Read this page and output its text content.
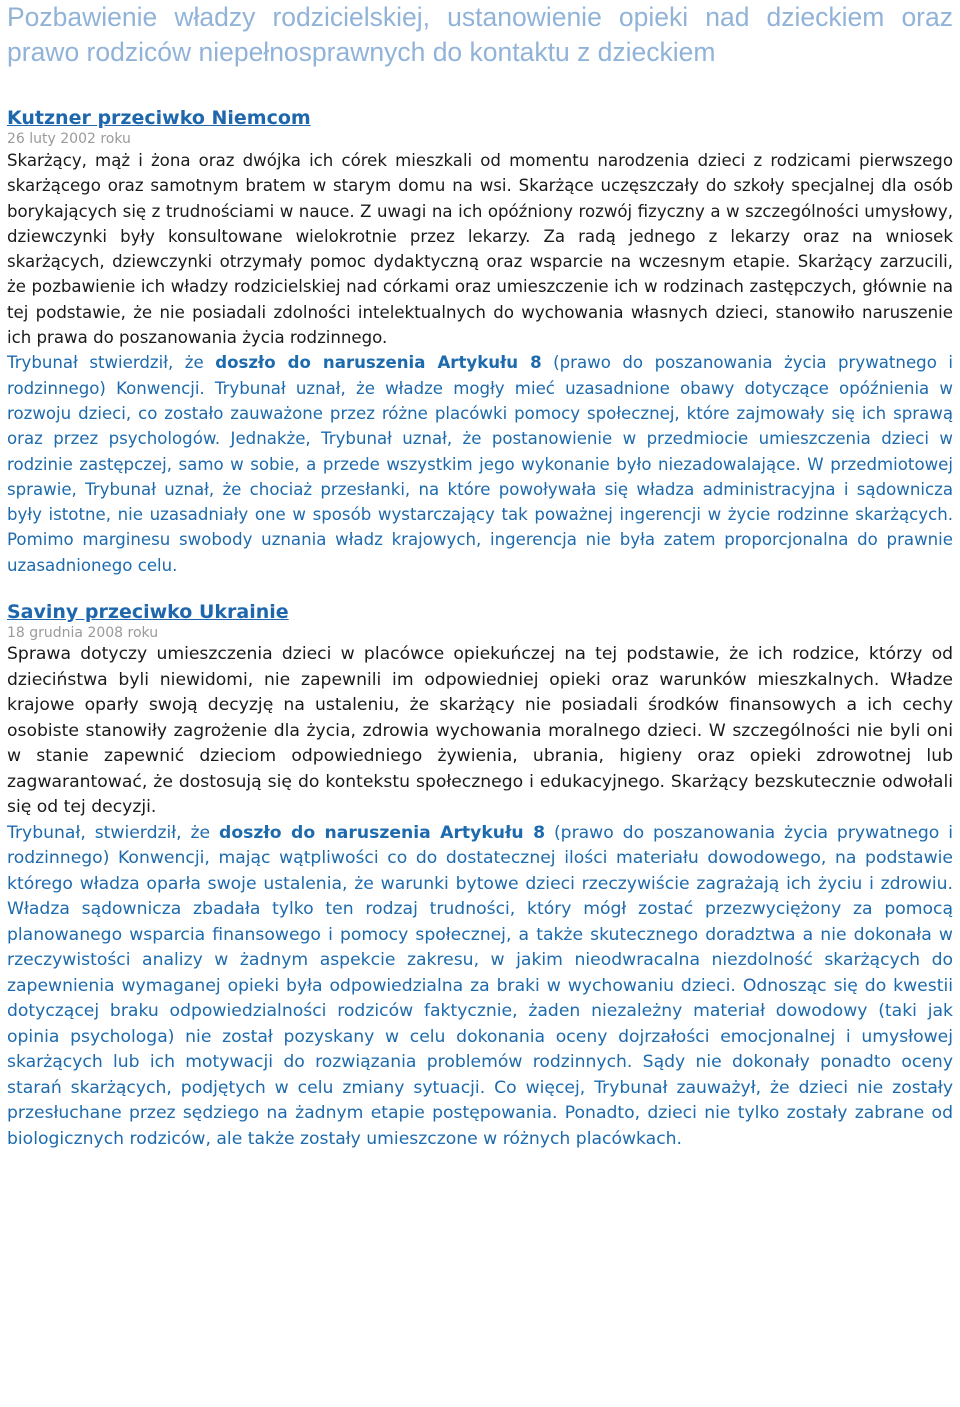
Pozbawienie władzy rodzicielskiej, ustanowienie opieki nad dzieckiem oraz prawo rodziców niepełnosprawnych do kontaktu z dzieckiem
Kutzner przeciwko Niemcom

26 luty 2002 roku

Skarżący, mąż i żona oraz dwójka ich córek mieszkali od momentu narodzenia dzieci z rodzicami pierwszego skarżącego oraz samotnym bratem w starym domu na wsi. Skarżące uczęszczały do szkoły specjalnej dla osób borykających się z trudnościami w nauce. Z uwagi na ich opóźniony rozwój fizyczny a w szczególności umysłowy, dziewczynki były konsultowane wielokrotnie przez lekarzy. Za radą jednego z lekarzy oraz na wniosek skarżących, dziewczynki otrzymały pomoc dydaktyczną oraz wsparcie na wczesnym etapie. Skarżący zarzucili, że pozbawienie ich władzy rodzicielskiej nad córkami oraz umieszczenie ich w rodzinach zastępczych, głównie na tej podstawie, że nie posiadali zdolności intelektualnych do wychowania własnych dzieci, stanowiło naruszenie ich prawa do poszanowania życia rodzinnego.

Trybunał stwierdził, że doszło do naruszenia Artykułu 8 (prawo do poszanowania życia prywatnego i rodzinnego) Konwencji. Trybunał uznał, że władze mogły mieć uzasadnione obawy dotyczące opóźnienia w rozwoju dzieci, co zostało zauważone przez różne placówki pomocy społecznej, które zajmowały się ich sprawą oraz przez psychologów. Jednakże, Trybunał uznał, że postanowienie w przedmiocie umieszczenia dzieci w rodzinie zastępczej, samo w sobie, a przede wszystkim jego wykonanie było niezadowalające. W przedmiotowej sprawie, Trybunał uznał, że chociaż przesłanki, na które powoływała się władza administracyjna i sądownicza były istotne, nie uzasadniały one w sposób wystarczający tak poważnej ingerencji w życie rodzinne skarżących. Pomimo marginesu swobody uznania władz krajowych, ingerencja nie była zatem proporcjonalna do prawnie uzasadnionego celu.

Saviny przeciwko Ukrainie

18 grudnia 2008 roku

Sprawa dotyczy umieszczenia dzieci w placówce opiekuńczej na tej podstawie, że ich rodzice, którzy od dzieciństwa byli niewidomi, nie zapewnili im odpowiedniej opieki oraz warunków mieszkalnych. Władze krajowe oparły swoją decyzję na ustaleniu, że skarżący nie posiadali środków finansowych a ich cechy osobiste stanowiły zagrożenie dla życia, zdrowia wychowania moralnego dzieci. W szczególności nie byli oni w stanie zapewnić dzieciom odpowiedniego żywienia, ubrania, higieny oraz opieki zdrowotnej lub zagwarantować, że dostosują się do kontekstu społecznego i edukacyjnego. Skarżący bezskutecznie odwołali się od tej decyzji.

Trybunał, stwierdził, że doszło do naruszenia Artykułu 8 (prawo do poszanowania życia prywatnego i rodzinnego) Konwencji, mając wątpliwości co do dostatecznej ilości materiału dowodowego, na podstawie którego władza oparła swoje ustalenia, że warunki bytowe dzieci rzeczywiście zagrażają ich życiu i zdrowiu. Władza sądownicza zbadała tylko ten rodzaj trudności, który mógł zostać przezwyciężony za pomocą planowanego wsparcia finansowego i pomocy społecznej, a także skutecznego doradztwa a nie dokonała w rzeczywistości analizy w żadnym aspekcie zakresu, w jakim nieodwracalna niezdolność skarżących do zapewnienia wymaganej opieki była odpowiedzialna za braki w wychowaniu dzieci. Odnosząc się do kwestii dotyczącej braku odpowiedzialności rodziców faktycznie, żaden niezależny materiał dowodowy (taki jak opinia psychologa) nie został pozyskany w celu dokonania oceny dojrzałości emocjonalnej i umysłowej skarżących lub ich motywacji do rozwiązania problemów rodzinnych. Sądy nie dokonały ponadto oceny starań skarżących, podjętych w celu zmiany sytuacji. Co więcej, Trybunał zauważył, że dzieci nie zostały przesłuchane przez sędziego na żadnym etapie postępowania. Ponadto, dzieci nie tylko zostały zabrane od biologicznych rodziców, ale także zostały umieszczone w różnych placówkach.
